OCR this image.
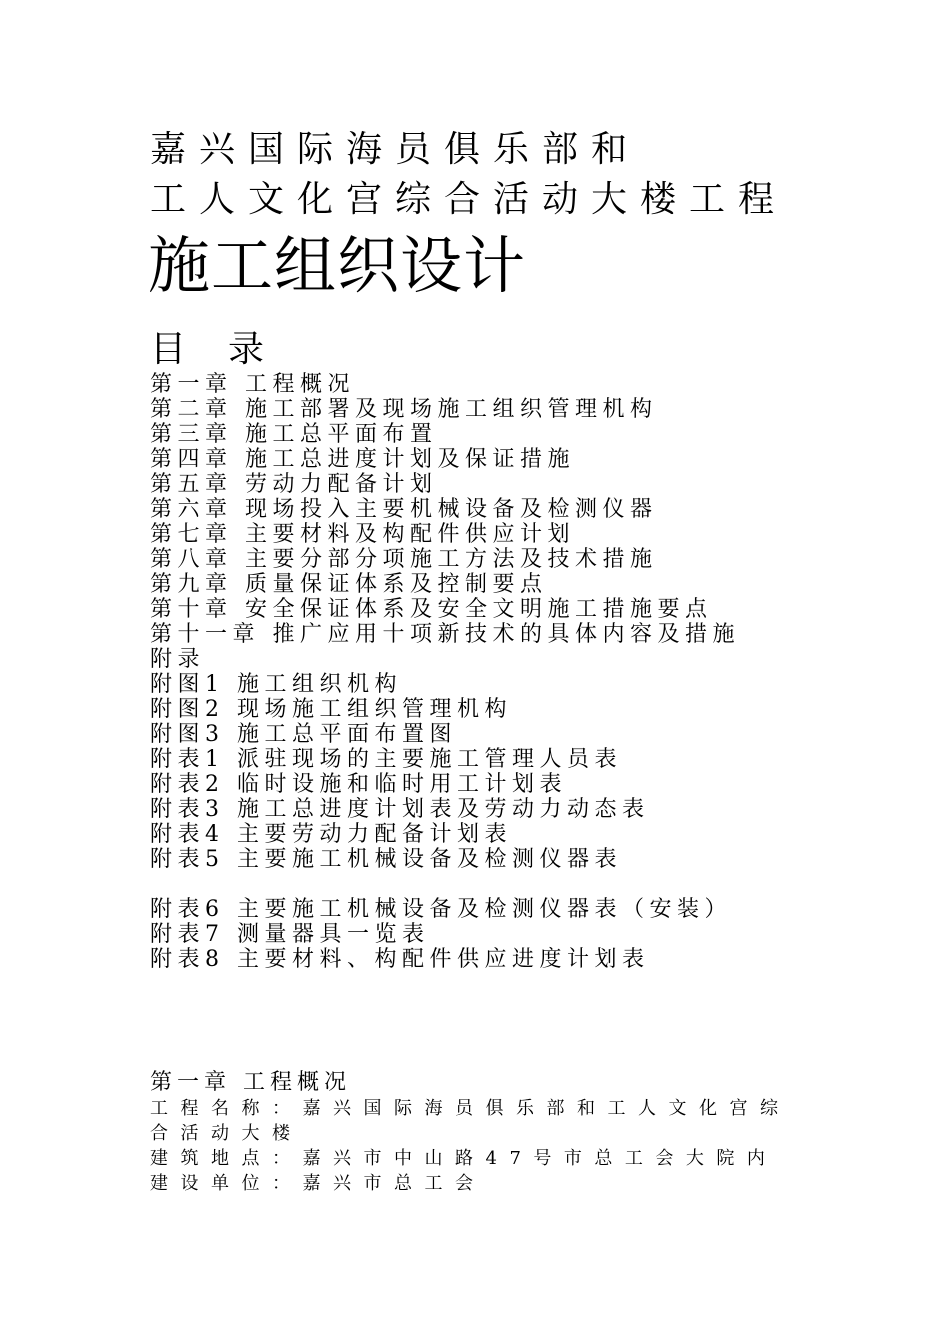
嘉兴国际海员俱乐部和
工人文化宫综合活动大楼工程
施工组织设计
目录
第一章 工程概况
第二章 施工部署及现场施工组织管理机构
第三章 施工总平面布置
第四章 施工总进度计划及保证措施
第五章 劳动力配备计划
第六章 现场投入主要机械设备及检测仪器
第七章 主要材料及构配件供应计划
第八章 主要分部分项施工方法及技术措施
第九章 质量保证体系及控制要点
第十章 安全保证体系及安全文明施工措施要点
第十一章 推广应用十项新技术的具体内容及措施
附录
附图1 施工组织机构
附图2 现场施工组织管理机构
附图3 施工总平面布置图
附表1 派驻现场的主要施工管理人员表
附表2 临时设施和临时用工计划表
附表3 施工总进度计划表及劳动力动态表
附表4 主要劳动力配备计划表
附表5 主要施工机械设备及检测仪器表
附表6 主要施工机械设备及检测仪器表（安装）
附表7 测量器具一览表
附表8 主要材料、构配件供应进度计划表
第一章 工程概况
工程名称：嘉兴国际海员俱乐部和工人文化宫综合活动大楼
建筑地点：嘉兴市中山路47号市总工会大院内
建设单位：嘉兴市总工会
